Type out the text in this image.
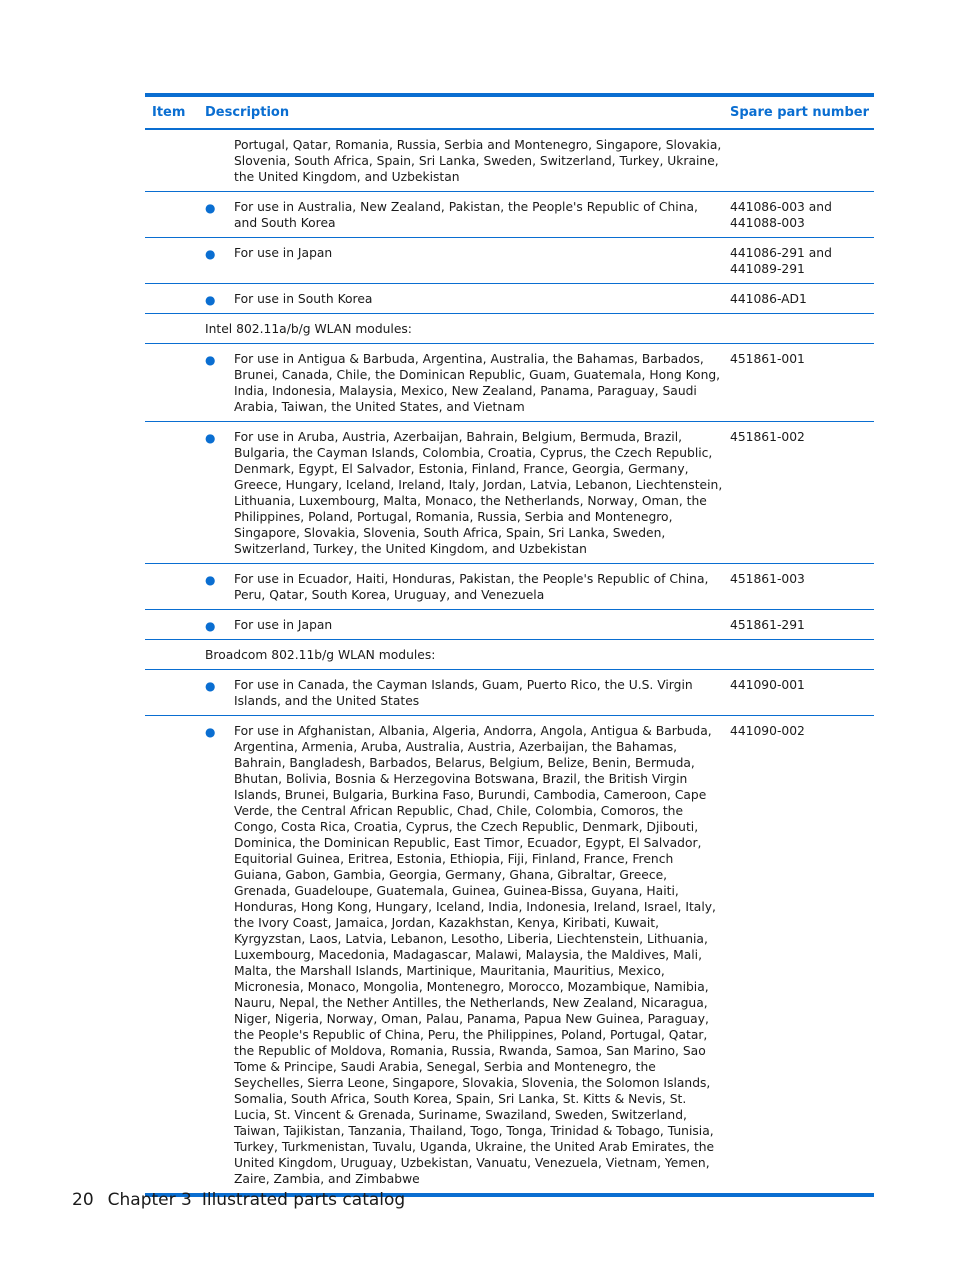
Item	Description	Spare part number
	Portugal, Qatar, Romania, Russia, Serbia and Montenegro, Singapore, Slovakia, Slovenia, South Africa, Spain, Sri Lanka, Sweden, Switzerland, Turkey, Ukraine, the United Kingdom, and Uzbekistan	

	● For use in Australia, New Zealand, Pakistan, the People's Republic of China, and South Korea	441086-003 and 441088-003

	● For use in Japan	441086-291 and 441089-291

	● For use in South Korea	441086-AD1
	Intel 802.11a/b/g WLAN modules:	

	● For use in Antigua & Barbuda, Argentina, Australia, the Bahamas, Barbados, Brunei, Canada, Chile, the Dominican Republic, Guam, Guatemala, Hong Kong, India, Indonesia, Malaysia, Mexico, New Zealand, Panama, Paraguay, Saudi Arabia, Taiwan, the United States, and Vietnam	451861-001

	● For use in Aruba, Austria, Azerbaijan, Bahrain, Belgium, Bermuda, Brazil, Bulgaria, the Cayman Islands, Colombia, Croatia, Cyprus, the Czech Republic, Denmark, Egypt, El Salvador, Estonia, Finland, France, Georgia, Germany, Greece, Hungary, Iceland, Ireland, Italy, Jordan, Latvia, Lebanon, Liechtenstein, Lithuania, Luxembourg, Malta, Monaco, the Netherlands, Norway, Oman, the Philippines, Poland, Portugal, Romania, Russia, Serbia and Montenegro, Singapore, Slovakia, Slovenia, South Africa, Spain, Sri Lanka, Sweden, Switzerland, Turkey, the United Kingdom, and Uzbekistan	451861-002

	● For use in Ecuador, Haiti, Honduras, Pakistan, the People's Republic of China, Peru, Qatar, South Korea, Uruguay, and Venezuela	451861-003

	● For use in Japan	451861-291
	Broadcom 802.11b/g WLAN modules:	

	● For use in Canada, the Cayman Islands, Guam, Puerto Rico, the U.S. Virgin Islands, and the United States	441090-001

	● For use in Afghanistan, Albania, Algeria, Andorra, Angola, Antigua & Barbuda, Argentina, Armenia, Aruba, Australia, Austria, Azerbaijan, the Bahamas, Bahrain, Bangladesh, Barbados, Belarus, Belgium, Belize, Benin, Bermuda, Bhutan, Bolivia, Bosnia & Herzegovina Botswana, Brazil, the British Virgin Islands, Brunei, Bulgaria, Burkina Faso, Burundi, Cambodia, Cameroon, Cape Verde, the Central African Republic, Chad, Chile, Colombia, Comoros, the Congo, Costa Rica, Croatia, Cyprus, the Czech Republic, Denmark, Djibouti, Dominica, the Dominican Republic, East Timor, Ecuador, Egypt, El Salvador, Equitorial Guinea, Eritrea, Estonia, Ethiopia, Fiji, Finland, France, French Guiana, Gabon, Gambia, Georgia, Germany, Ghana, Gibraltar, Greece, Grenada, Guadeloupe, Guatemala, Guinea, Guinea-Bissa, Guyana, Haiti, Honduras, Hong Kong, Hungary, Iceland, India, Indonesia, Ireland, Israel, Italy, the Ivory Coast, Jamaica, Jordan, Kazakhstan, Kenya, Kiribati, Kuwait, Kyrgyzstan, Laos, Latvia, Lebanon, Lesotho, Liberia, Liechtenstein, Lithuania, Luxembourg, Macedonia, Madagascar, Malawi, Malaysia, the Maldives, Mali, Malta, the Marshall Islands, Martinique, Mauritania, Mauritius, Mexico, Micronesia, Monaco, Mongolia, Montenegro, Morocco, Mozambique, Namibia, Nauru, Nepal, the Nether Antilles, the Netherlands, New Zealand, Nicaragua, Niger, Nigeria, Norway, Oman, Palau, Panama, Papua New Guinea, Paraguay, the People's Republic of China, Peru, the Philippines, Poland, Portugal, Qatar, the Republic of Moldova, Romania, Russia, Rwanda, Samoa, San Marino, Sao Tome & Principe, Saudi Arabia, Senegal, Serbia and Montenegro, the Seychelles, Sierra Leone, Singapore, Slovakia, Slovenia, the Solomon Islands, Somalia, South Africa, South Korea, Spain, Sri Lanka, St. Kitts & Nevis, St. Lucia, St. Vincent & Grenada, Suriname, Swaziland, Sweden, Switzerland, Taiwan, Tajikistan, Tanzania, Thailand, Togo, Tonga, Trinidad & Tobago, Tunisia, Turkey, Turkmenistan, Tuvalu, Uganda, Ukraine, the United Arab Emirates, the United Kingdom, Uruguay, Uzbekistan, Vanuatu, Venezuela, Vietnam, Yemen, Zaire, Zambia, and Zimbabwe	441090-002
20 Chapter 3 Illustrated parts catalog
